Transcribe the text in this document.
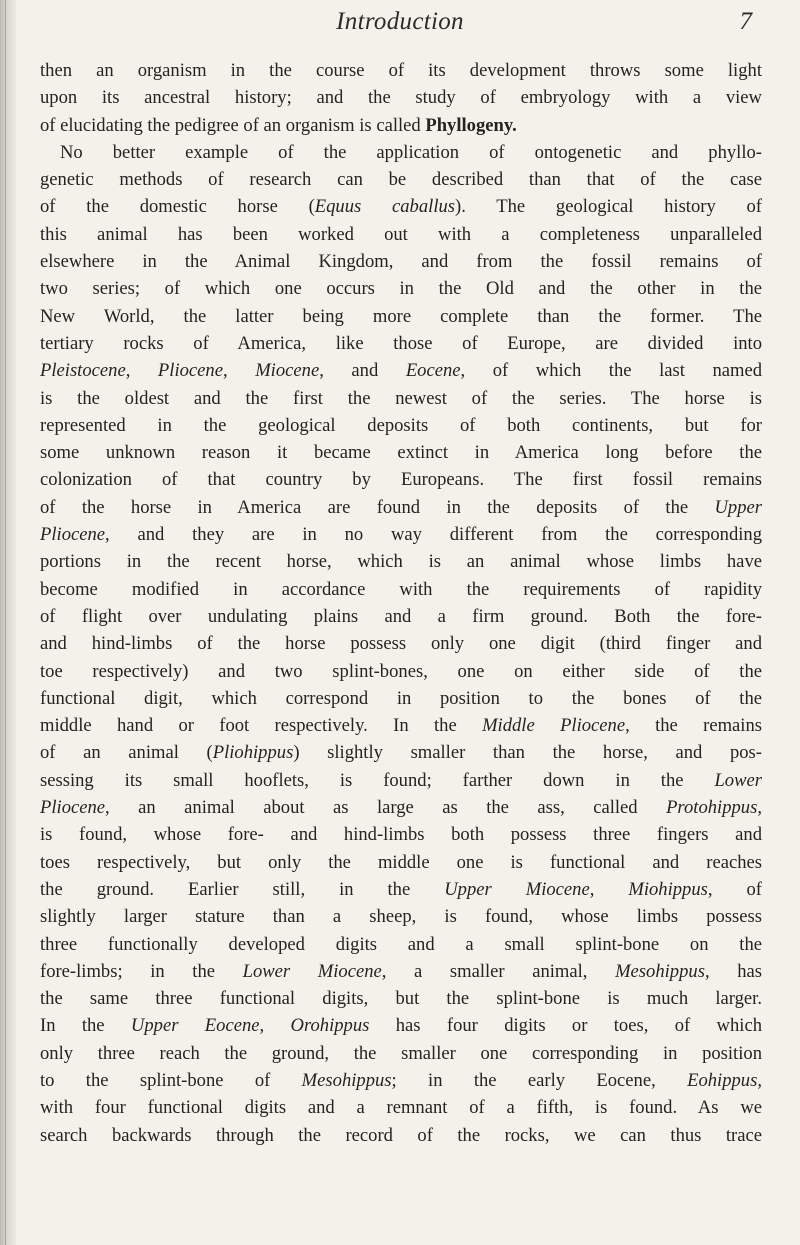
Introduction	7
then an organism in the course of its development throws some light
upon its ancestral history; and the study of embryology with a view
of elucidating the pedigree of an organism is called Phyllogeny.
No better example of the application of ontogenetic and phyllo-
genetic methods of research can be described than that of the case
of the domestic horse (Equus caballus). The geological history of
this animal has been worked out with a completeness unparalleled
elsewhere in the Animal Kingdom, and from the fossil remains of
two series; of which one occurs in the Old and the other in the
New World, the latter being more complete than the former. The
tertiary rocks of America, like those of Europe, are divided into
Pleistocene, Pliocene, Miocene, and Eocene, of which the last named
is the oldest and the first the newest of the series. The horse is
represented in the geological deposits of both continents, but for
some unknown reason it became extinct in America long before the
colonization of that country by Europeans. The first fossil remains
of the horse in America are found in the deposits of the Upper
Pliocene, and they are in no way different from the corresponding
portions in the recent horse, which is an animal whose limbs have
become modified in accordance with the requirements of rapidity
of flight over undulating plains and a firm ground. Both the fore-
and hind-limbs of the horse possess only one digit (third finger and
toe respectively) and two splint-bones, one on either side of the
functional digit, which correspond in position to the bones of the
middle hand or foot respectively. In the Middle Pliocene, the remains
of an animal (Pliohippus) slightly smaller than the horse, and pos-
sessing its small hooflets, is found; farther down in the Lower
Pliocene, an animal about as large as the ass, called Protohippus,
is found, whose fore- and hind-limbs both possess three fingers and
toes respectively, but only the middle one is functional and reaches
the ground. Earlier still, in the Upper Miocene, Miohippus, of
slightly larger stature than a sheep, is found, whose limbs possess
three functionally developed digits and a small splint-bone on the
fore-limbs; in the Lower Miocene, a smaller animal, Mesohippus, has
the same three functional digits, but the splint-bone is much larger.
In the Upper Eocene, Orohippus has four digits or toes, of which
only three reach the ground, the smaller one corresponding in position
to the splint-bone of Mesohippus; in the early Eocene, Eohippus,
with four functional digits and a remnant of a fifth, is found. As we
search backwards through the record of the rocks, we can thus trace
